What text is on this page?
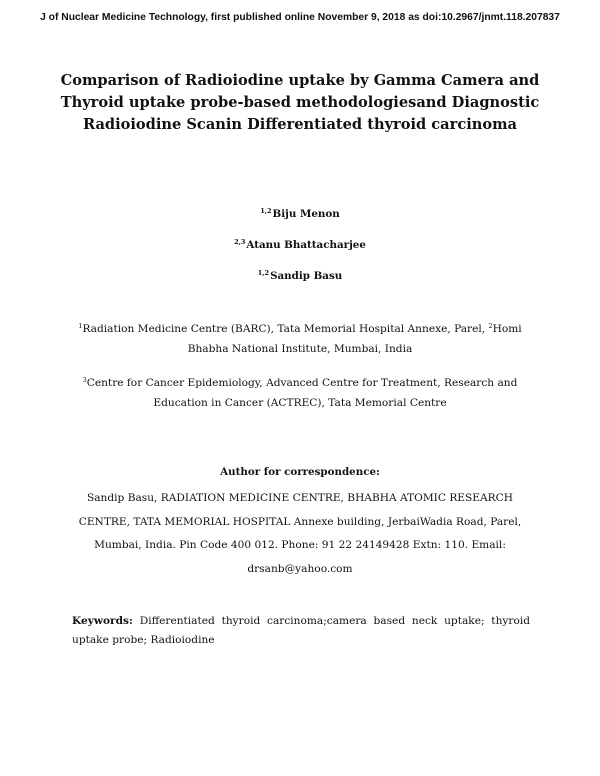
J of Nuclear Medicine Technology, first published online November 9, 2018 as doi:10.2967/jnmt.118.207837
Comparison of Radioiodine uptake by Gamma Camera and
Thyroid uptake probe-based methodologiesand Diagnostic
Radioiodine Scanin Differentiated thyroid carcinoma
$^{1,2}$Biju Menon
$^{2,3}$Atanu Bhattacharjee
$^{1,2}$Sandip Basu
$^1$Radiation Medicine Centre (BARC), Tata Memorial Hospital Annexe, Parel, $^2$Homi
Bhabha National Institute, Mumbai, India
$^3$Centre for Cancer Epidemiology, Advanced Centre for Treatment, Research and
Education in Cancer (ACTREC), Tata Memorial Centre
Author for correspondence:
Sandip Basu, RADIATION MEDICINE CENTRE, BHABHA ATOMIC RESEARCH
CENTRE, TATA MEMORIAL HOSPITAL Annexe building, JerbaiWadia Road, Parel,
Mumbai, India. Pin Code 400 012. Phone: 91 22 24149428 Extn: 110. Email:
drsanb@yahoo.com
Keywords: Differentiated thyroid carcinoma;camera based neck uptake; thyroid uptake probe; Radioiodine
